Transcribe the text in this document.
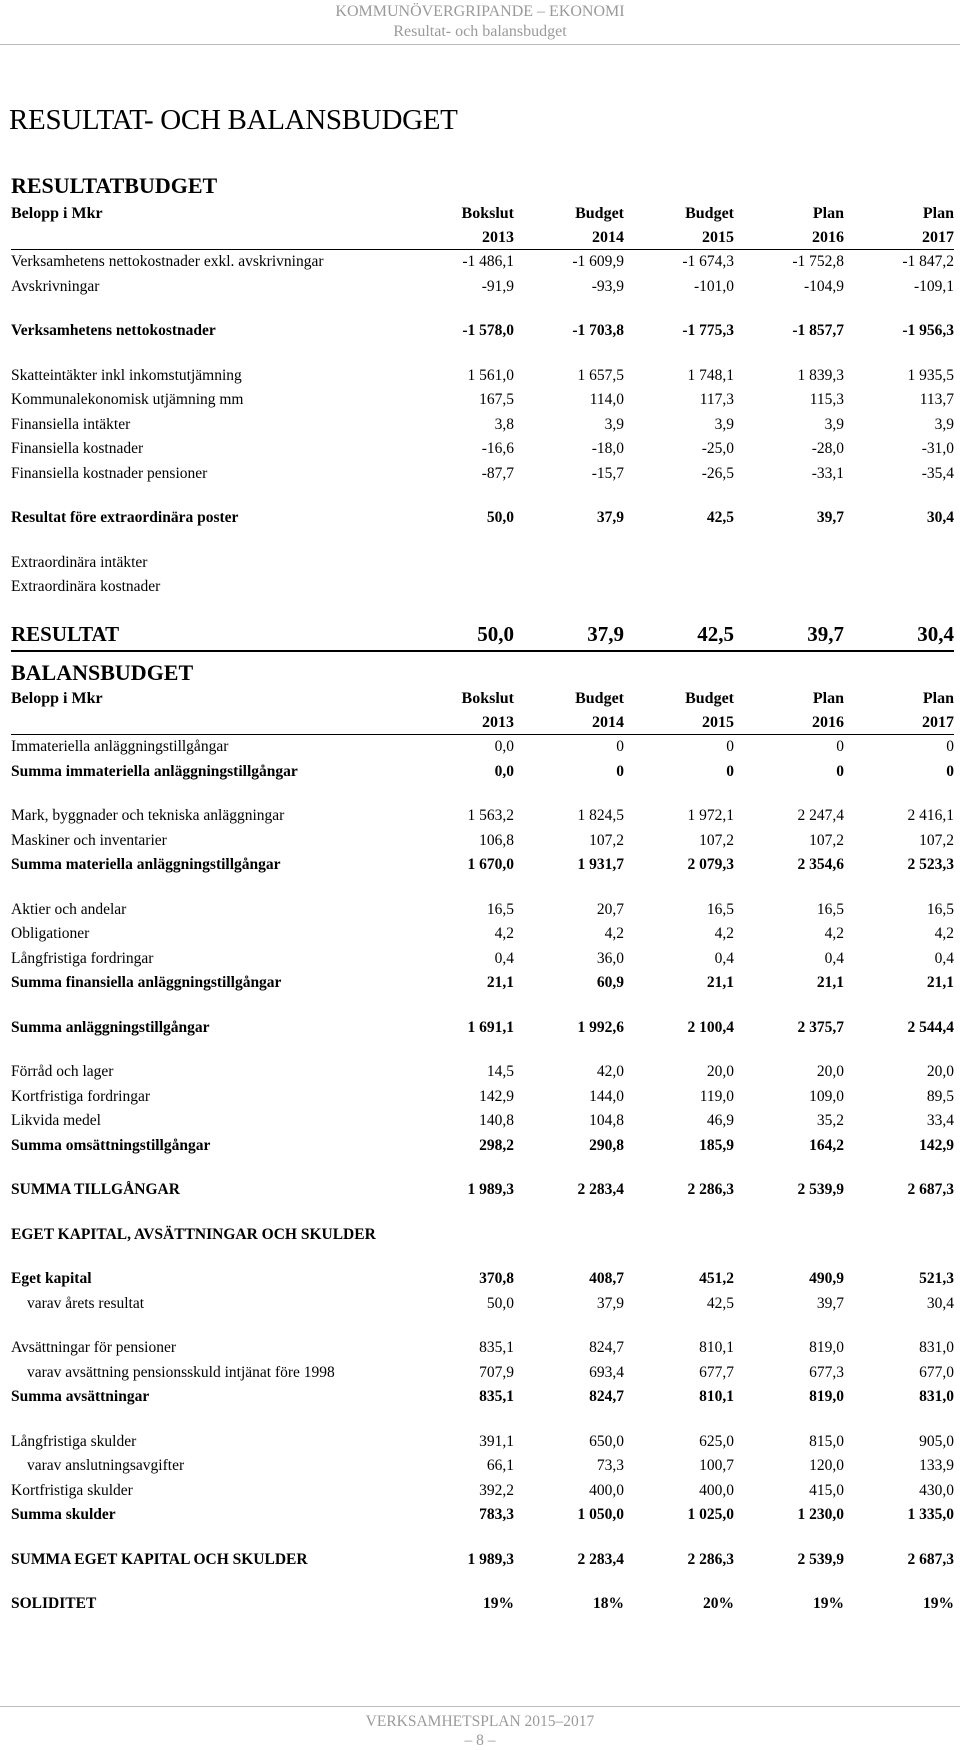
KOMMUNÖVERGRIPANDE – EKONOMI
Resultat- och balansbudget
RESULTAT- OCH BALANSBUDGET
RESULTATBUDGET
Belopp i Mkr	Bokslut	Budget	Budget	Plan	Plan
	2013	2014	2015	2016	2017
Verksamhetens nettokostnader exkl. avskrivningar	-1 486,1	-1 609,9	-1 674,3	-1 752,8	-1 847,2
Avskrivningar	-91,9	-93,9	-101,0	-104,9	-109,1

Verksamhetens nettokostnader	-1 578,0	-1 703,8	-1 775,3	-1 857,7	-1 956,3

Skatteintäkter inkl inkomstutjämning	1 561,0	1 657,5	1 748,1	1 839,3	1 935,5
Kommunalekonomisk utjämning mm	167,5	114,0	117,3	115,3	113,7
Finansiella intäkter	3,8	3,9	3,9	3,9	3,9
Finansiella kostnader	-16,6	-18,0	-25,0	-28,0	-31,0
Finansiella kostnader pensioner	-87,7	-15,7	-26,5	-33,1	-35,4

Resultat före extraordinära poster	50,0	37,9	42,5	39,7	30,4

Extraordinära intäkter					
Extraordinära kostnader					

RESULTAT	50,0	37,9	42,5	39,7	30,4
BALANSBUDGET
Belopp i Mkr	Bokslut	Budget	Budget	Plan	Plan
	2013	2014	2015	2016	2017
Immateriella anläggningstillgångar	0,0	0	0	0	0
Summa immateriella anläggningstillgångar	0,0	0	0	0	0

Mark, byggnader och tekniska anläggningar	1 563,2	1 824,5	1 972,1	2 247,4	2 416,1
Maskiner och inventarier	106,8	107,2	107,2	107,2	107,2
Summa materiella anläggningstillgångar	1 670,0	1 931,7	2 079,3	2 354,6	2 523,3

Aktier och andelar	16,5	20,7	16,5	16,5	16,5
Obligationer	4,2	4,2	4,2	4,2	4,2
Långfristiga fordringar	0,4	36,0	0,4	0,4	0,4
Summa finansiella anläggningstillgångar	21,1	60,9	21,1	21,1	21,1

Summa anläggningstillgångar	1 691,1	1 992,6	2 100,4	2 375,7	2 544,4

Förråd och lager	14,5	42,0	20,0	20,0	20,0
Kortfristiga fordringar	142,9	144,0	119,0	109,0	89,5
Likvida medel	140,8	104,8	46,9	35,2	33,4
Summa omsättningstillgångar	298,2	290,8	185,9	164,2	142,9

SUMMA TILLGÅNGAR	1 989,3	2 283,4	2 286,3	2 539,9	2 687,3

EGET KAPITAL, AVSÄTTNINGAR OCH SKULDER					

Eget kapital	370,8	408,7	451,2	490,9	521,3
varav årets resultat	50,0	37,9	42,5	39,7	30,4

Avsättningar för pensioner	835,1	824,7	810,1	819,0	831,0
varav avsättning pensionsskuld intjänat före 1998	707,9	693,4	677,7	677,3	677,0
Summa avsättningar	835,1	824,7	810,1	819,0	831,0

Långfristiga skulder	391,1	650,0	625,0	815,0	905,0
varav anslutningsavgifter	66,1	73,3	100,7	120,0	133,9
Kortfristiga skulder	392,2	400,0	400,0	415,0	430,0
Summa skulder	783,3	1 050,0	1 025,0	1 230,0	1 335,0

SUMMA EGET KAPITAL OCH SKULDER	1 989,3	2 283,4	2 286,3	2 539,9	2 687,3

SOLIDITET	19%	18%	20%	19%	19%
VERKSAMHETSPLAN 2015–2017
– 8 –
